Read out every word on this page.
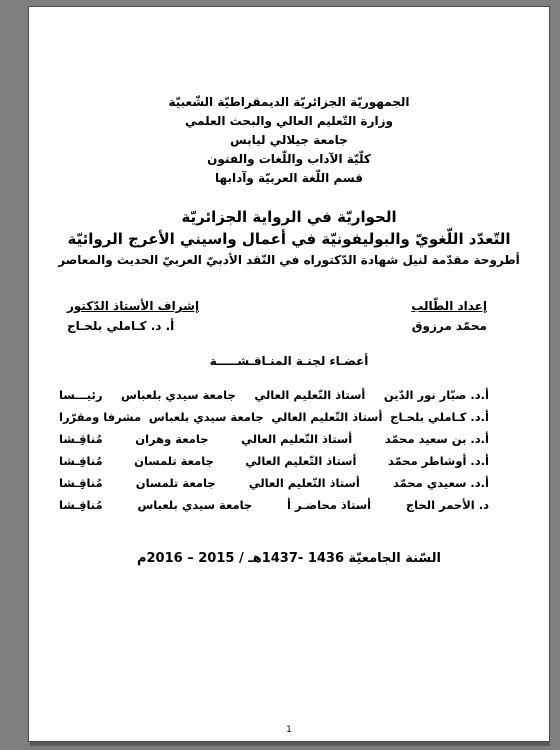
الجمهوريّة الجزائريّة الديمقراطيّة الشّعبيّة
وزارة التّعليم العالي والبحث العلمي
جامعة جيلالي ليابس
كلّيّة الآداب واللّغات والفنون
قسم اللّغة العربيّة وآدابها
الحواريّة في الرواية الجزائريّة
التّعدّد اللّغويّ والبوليفونيّة في أعمال واسيني الأعرج الروائيّة
أطروحة مقدّمة لنيل شهادة الدّكتوراه في النّقد الأدبيّ العربيّ الحديث والمعاصر
إعداد الطّالب
محمّد مرزوق
إشراف الأستاذ الدّكتور
أ. د. كـاملي بلحـاج
أعضـاء لجنـة المنـاقـشـــــة
أ.د. صبّار نور الدّين
أستاذ التّعليم العالي
جامعة سيدي بلعباس
رئيـــسا
أ.د. كـاملي بلحـاج
أستاذ التّعليم العالي
جامعة سيدي بلعباس
مشرفا ومقرّرا
أ.د. بن سعيد محمّد
أستاذ التّعليم العالي
جامعة وهران
مُناقِـشا
أ.د. أوشاطر محمّد
أستاذ التّعليم العالي
جامعة تلمسان
مُناقِـشا
أ.د. سعيدي محمّد
أستاذ التّعليم العالي
جامعة تلمسان
مُناقِـشا
د. الأحمر الحاج
أستاذ محاضـر أ
جامعة سيدي بلعباس
مُناقِـشا
السّنة الجامعيّة 1436 -1437هـ / 2015 – 2016م
1
